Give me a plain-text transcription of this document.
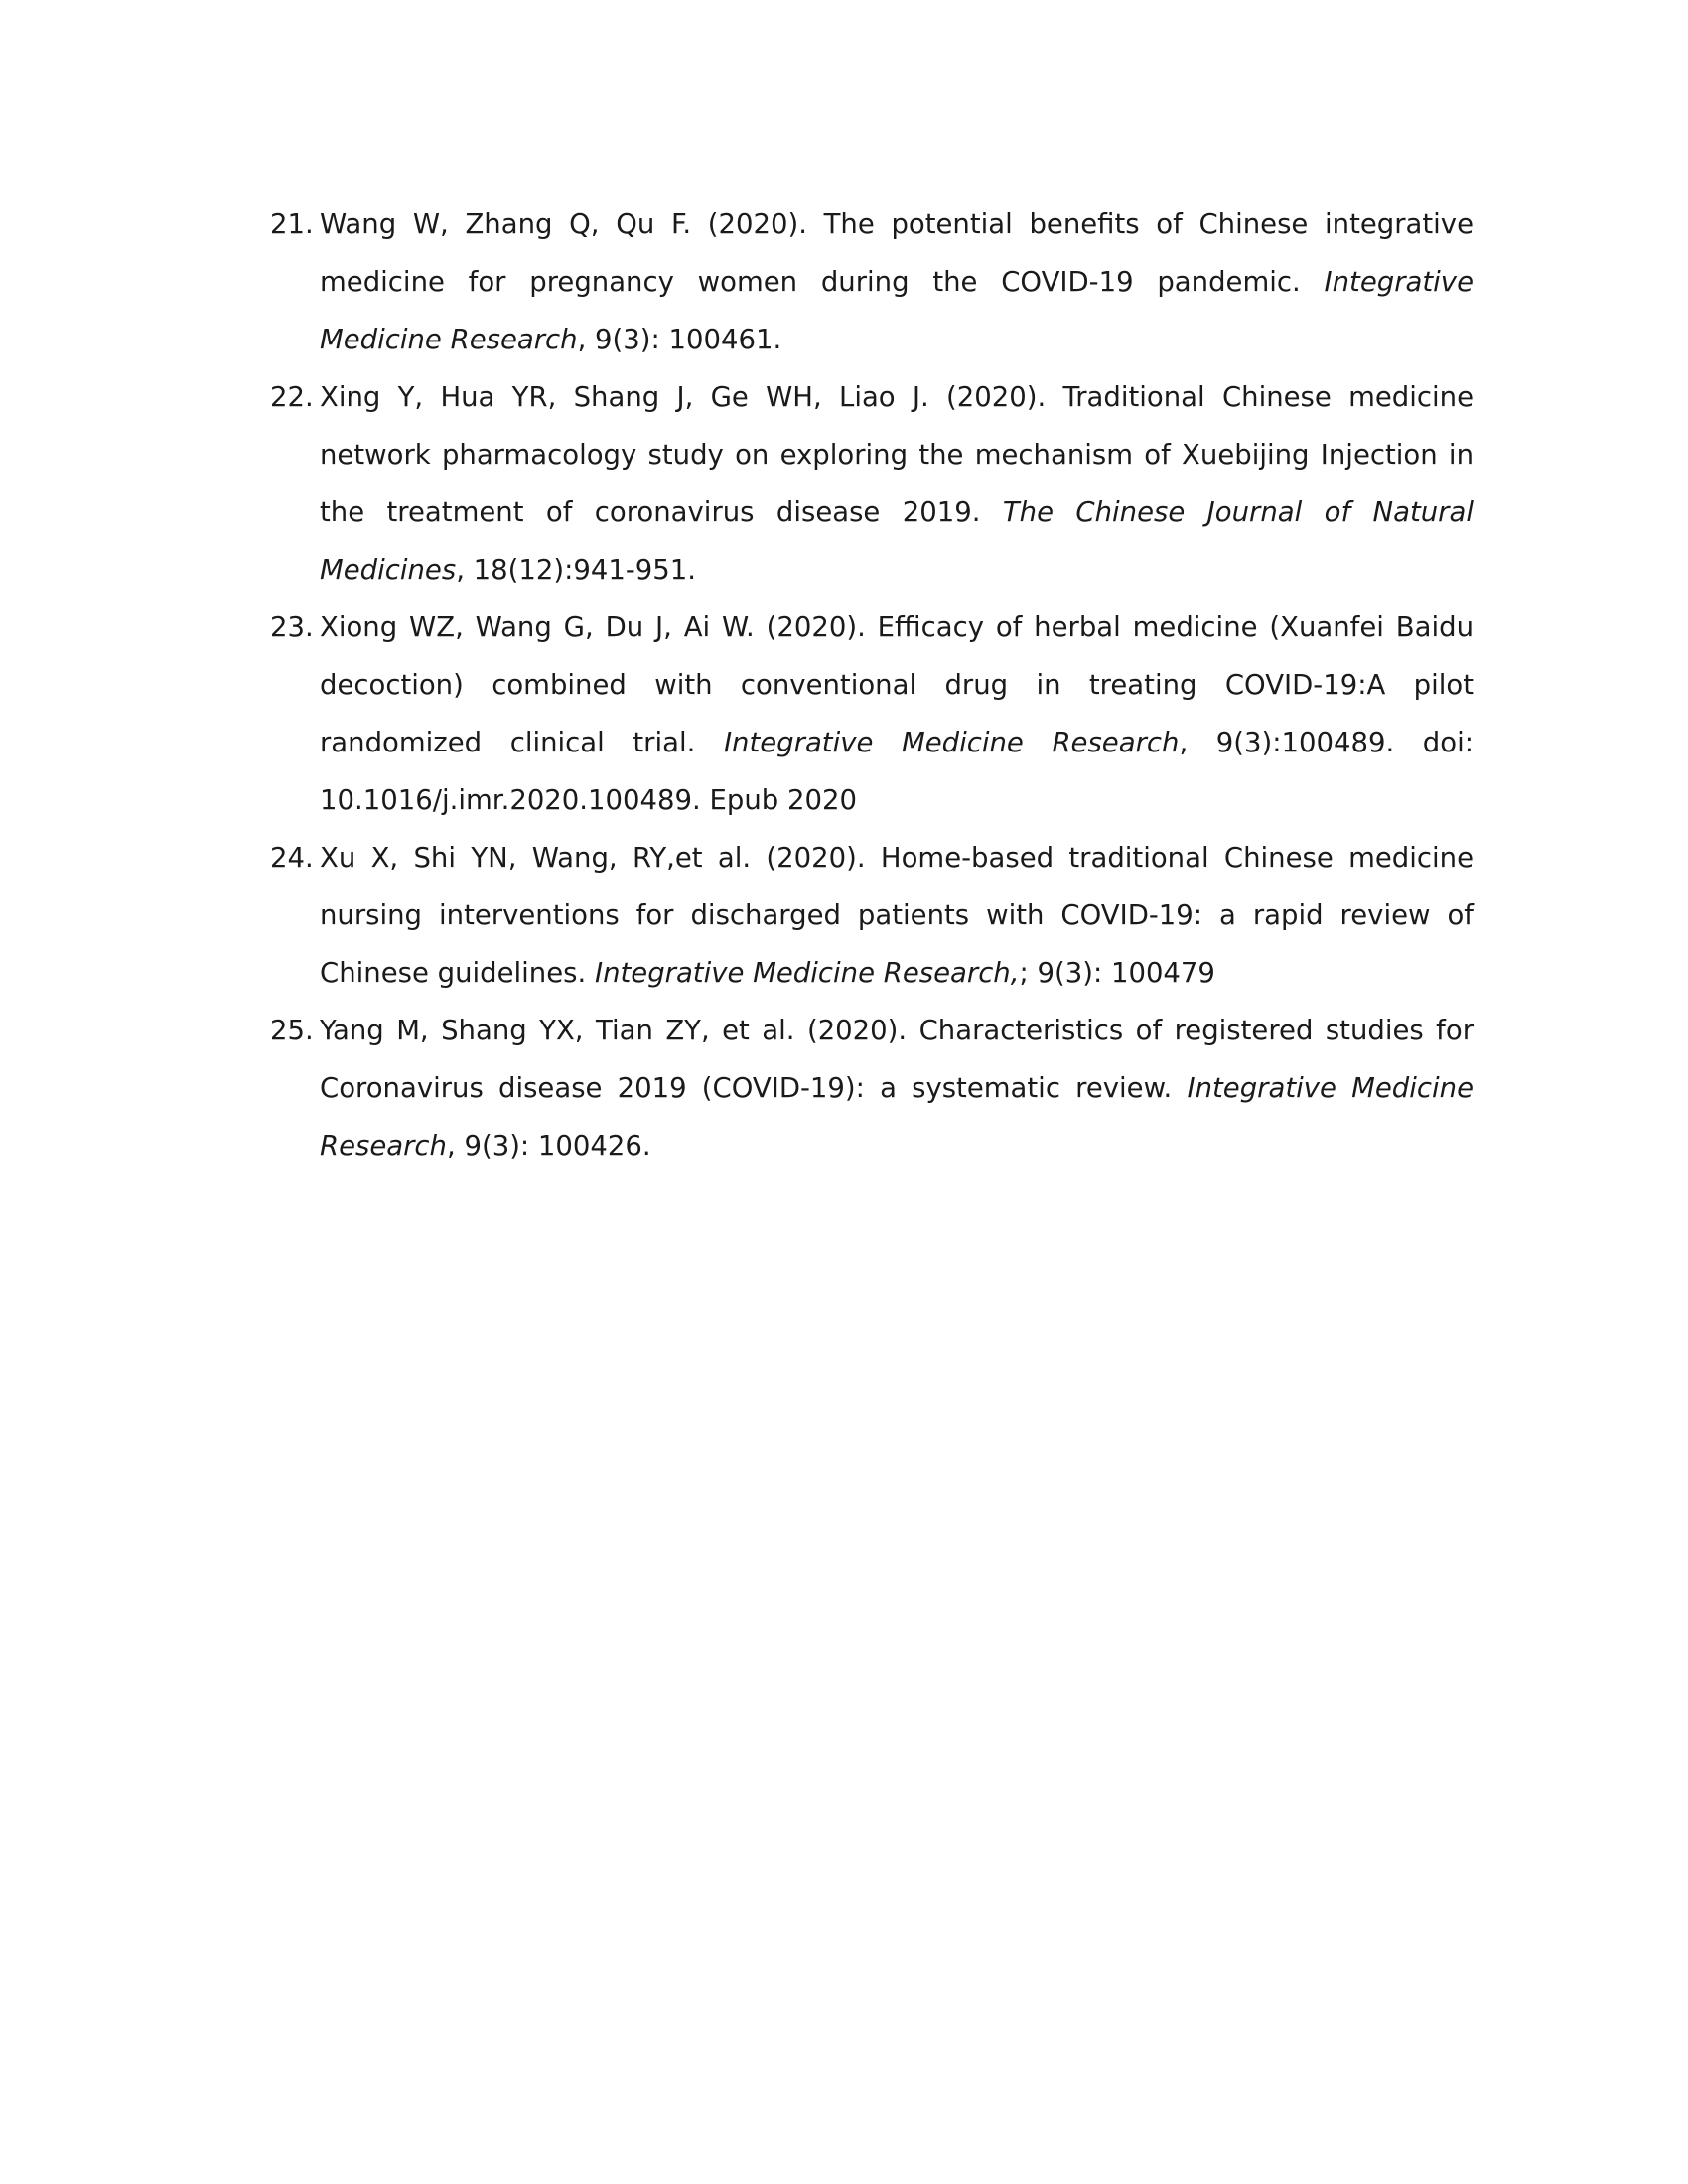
21. Wang W, Zhang Q, Qu F. (2020). The potential benefits of Chinese integrative medicine for pregnancy women during the COVID-19 pandemic. Integrative Medicine Research, 9(3): 100461.
22. Xing Y, Hua YR, Shang J, Ge WH, Liao J. (2020). Traditional Chinese medicine network pharmacology study on exploring the mechanism of Xuebijing Injection in the treatment of coronavirus disease 2019. The Chinese Journal of Natural Medicines, 18(12):941-951.
23. Xiong WZ, Wang G, Du J, Ai W. (2020). Efficacy of herbal medicine (Xuanfei Baidu decoction) combined with conventional drug in treating COVID-19:A pilot randomized clinical trial. Integrative Medicine Research, 9(3):100489. doi: 10.1016/j.imr.2020.100489. Epub 2020
24. Xu X, Shi YN, Wang, RY,et al. (2020). Home-based traditional Chinese medicine nursing interventions for discharged patients with COVID-19: a rapid review of Chinese guidelines. Integrative Medicine Research,; 9(3): 100479
25. Yang M, Shang YX, Tian ZY, et al. (2020). Characteristics of registered studies for Coronavirus disease 2019 (COVID-19): a systematic review. Integrative Medicine Research, 9(3): 100426.
